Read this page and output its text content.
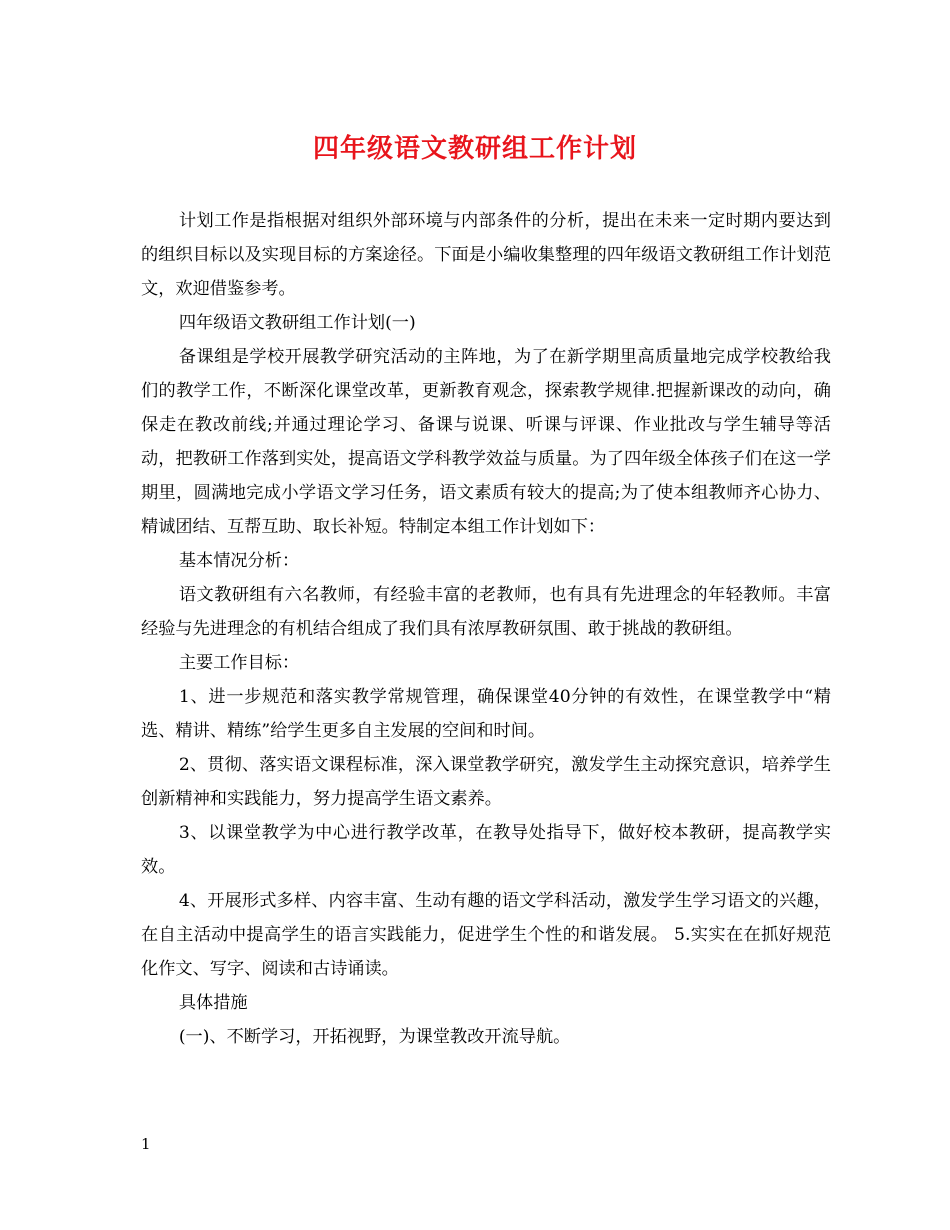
四年级语文教研组工作计划

计划工作是指根据对组织外部环境与内部条件的分析，提出在未来一定时期内要达到的组织目标以及实现目标的方案途径。下面是小编收集整理的四年级语文教研组工作计划范文，欢迎借鉴参考。

四年级语文教研组工作计划(一)

备课组是学校开展教学研究活动的主阵地，为了在新学期里高质量地完成学校教给我们的教学工作，不断深化课堂改革，更新教育观念，探索教学规律.把握新课改的动向，确保走在教改前线;并通过理论学习、备课与说课、听课与评课、作业批改与学生辅导等活动，把教研工作落到实处，提高语文学科教学效益与质量。为了四年级全体孩子们在这一学期里，圆满地完成小学语文学习任务，语文素质有较大的提高;为了使本组教师齐心协力、精诚团结、互帮互助、取长补短。特制定本组工作计划如下：

基本情况分析：

语文教研组有六名教师，有经验丰富的老教师，也有具有先进理念的年轻教师。丰富经验与先进理念的有机结合组成了我们具有浓厚教研氛围、敢于挑战的教研组。

主要工作目标：

1、进一步规范和落实教学常规管理，确保课堂40分钟的有效性，在课堂教学中“精选、精讲、精练”给学生更多自主发展的空间和时间。

2、贯彻、落实语文课程标准，深入课堂教学研究，激发学生主动探究意识，培养学生创新精神和实践能力，努力提高学生语文素养。

3、以课堂教学为中心进行教学改革，在教导处指导下，做好校本教研，提高教学实效。

4、开展形式多样、内容丰富、生动有趣的语文学科活动，激发学生学习语文的兴趣，在自主活动中提高学生的语言实践能力，促进学生个性的和谐发展。 5.实实在在抓好规范化作文、写字、阅读和古诗诵读。

具体措施

(一)、不断学习，开拓视野，为课堂教改开流导航。

1
